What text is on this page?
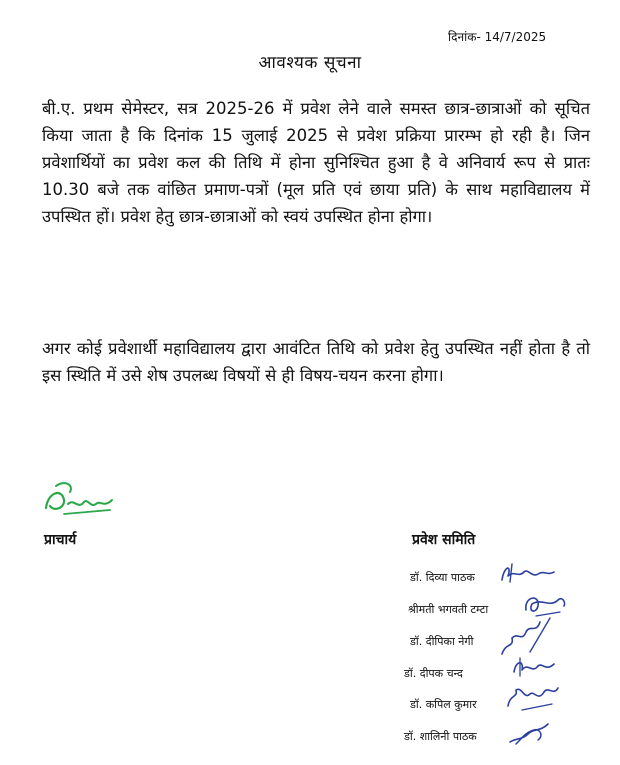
दिनांक- 14/7/2025
आवश्यक सूचना
बी.ए. प्रथम सेमेस्टर, सत्र 2025-26 में प्रवेश लेने वाले समस्त छात्र-छात्राओं को सूचित किया जाता है कि दिनांक 15 जुलाई 2025 से प्रवेश प्रक्रिया प्रारम्भ हो रही है। जिन प्रवेशार्थियों का प्रवेश कल की तिथि में होना सुनिश्चित हुआ है वे अनिवार्य रूप से प्रातः 10.30 बजे तक वांछित प्रमाण-पत्रों (मूल प्रति एवं छाया प्रति) के साथ महाविद्यालय में उपस्थित हों। प्रवेश हेतु छात्र-छात्राओं को स्वयं उपस्थित होना होगा।
अगर कोई प्रवेशार्थी महाविद्यालय द्वारा आवंटित तिथि को प्रवेश हेतु उपस्थित नहीं होता है तो इस स्थिति में उसे शेष उपलब्ध विषयों से ही विषय-चयन करना होगा।
प्राचार्य	प्रवेश समिति
डॉ. दिव्या पाठक
श्रीमती भगवती टम्टा
डॉ. दीपिका नेगी
डॉ. दीपक चन्द
डॉ. कपिल कुमार
डॉ. शालिनी पाठक
